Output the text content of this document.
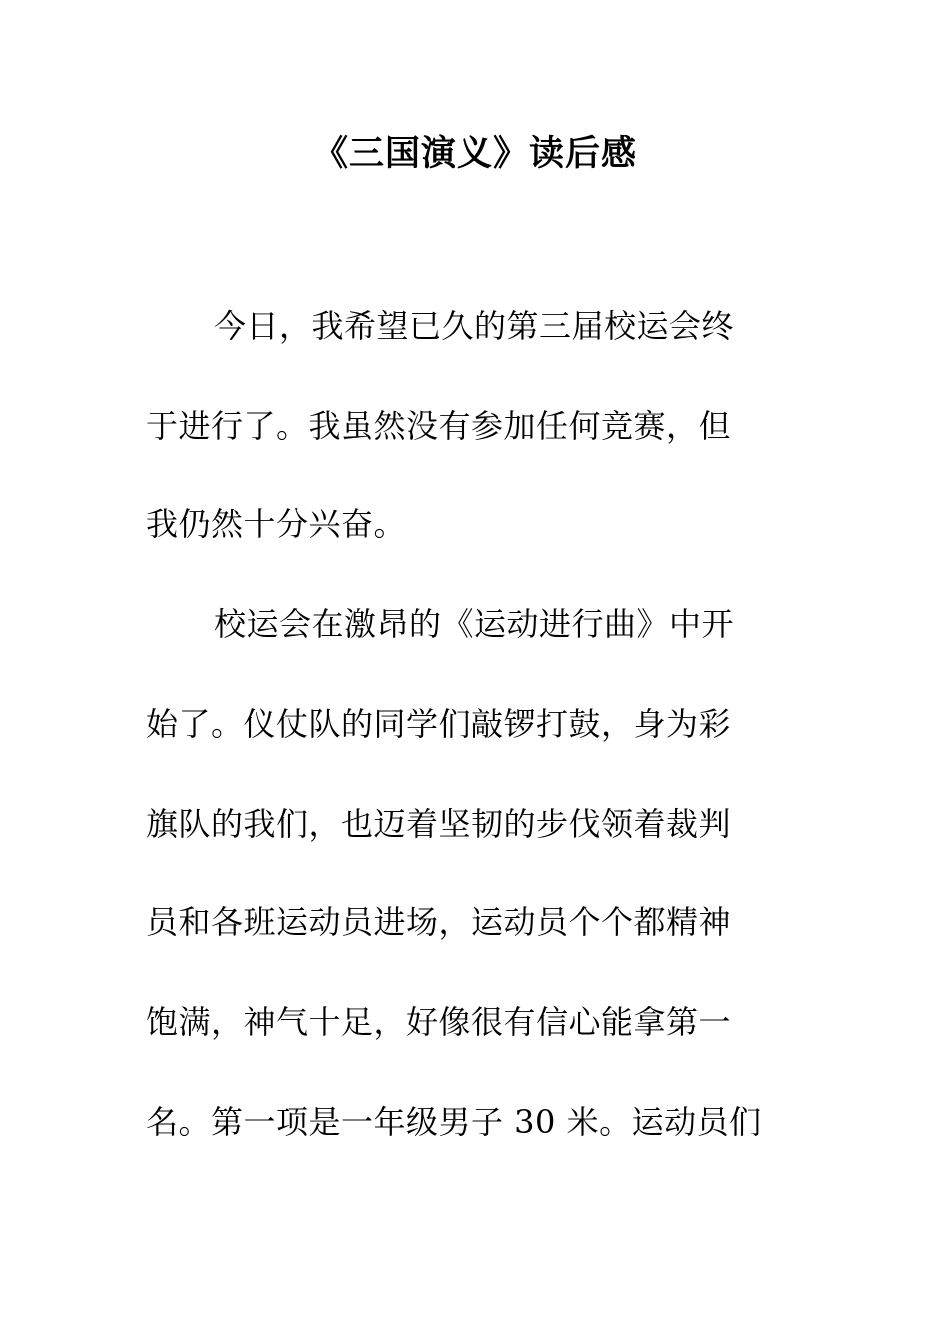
《三国演义》读后感
今日，我希望已久的第三届校运会终
于进行了。我虽然没有参加任何竞赛，但
我仍然十分兴奋。
校运会在激昂的《运动进行曲》中开
始了。仪仗队的同学们敲锣打鼓，身为彩
旗队的我们，也迈着坚韧的步伐领着裁判
员和各班运动员进场，运动员个个都精神
饱满，神气十足，好像很有信心能拿第一
名。第一项是一年级男子 30 米。运动员们
